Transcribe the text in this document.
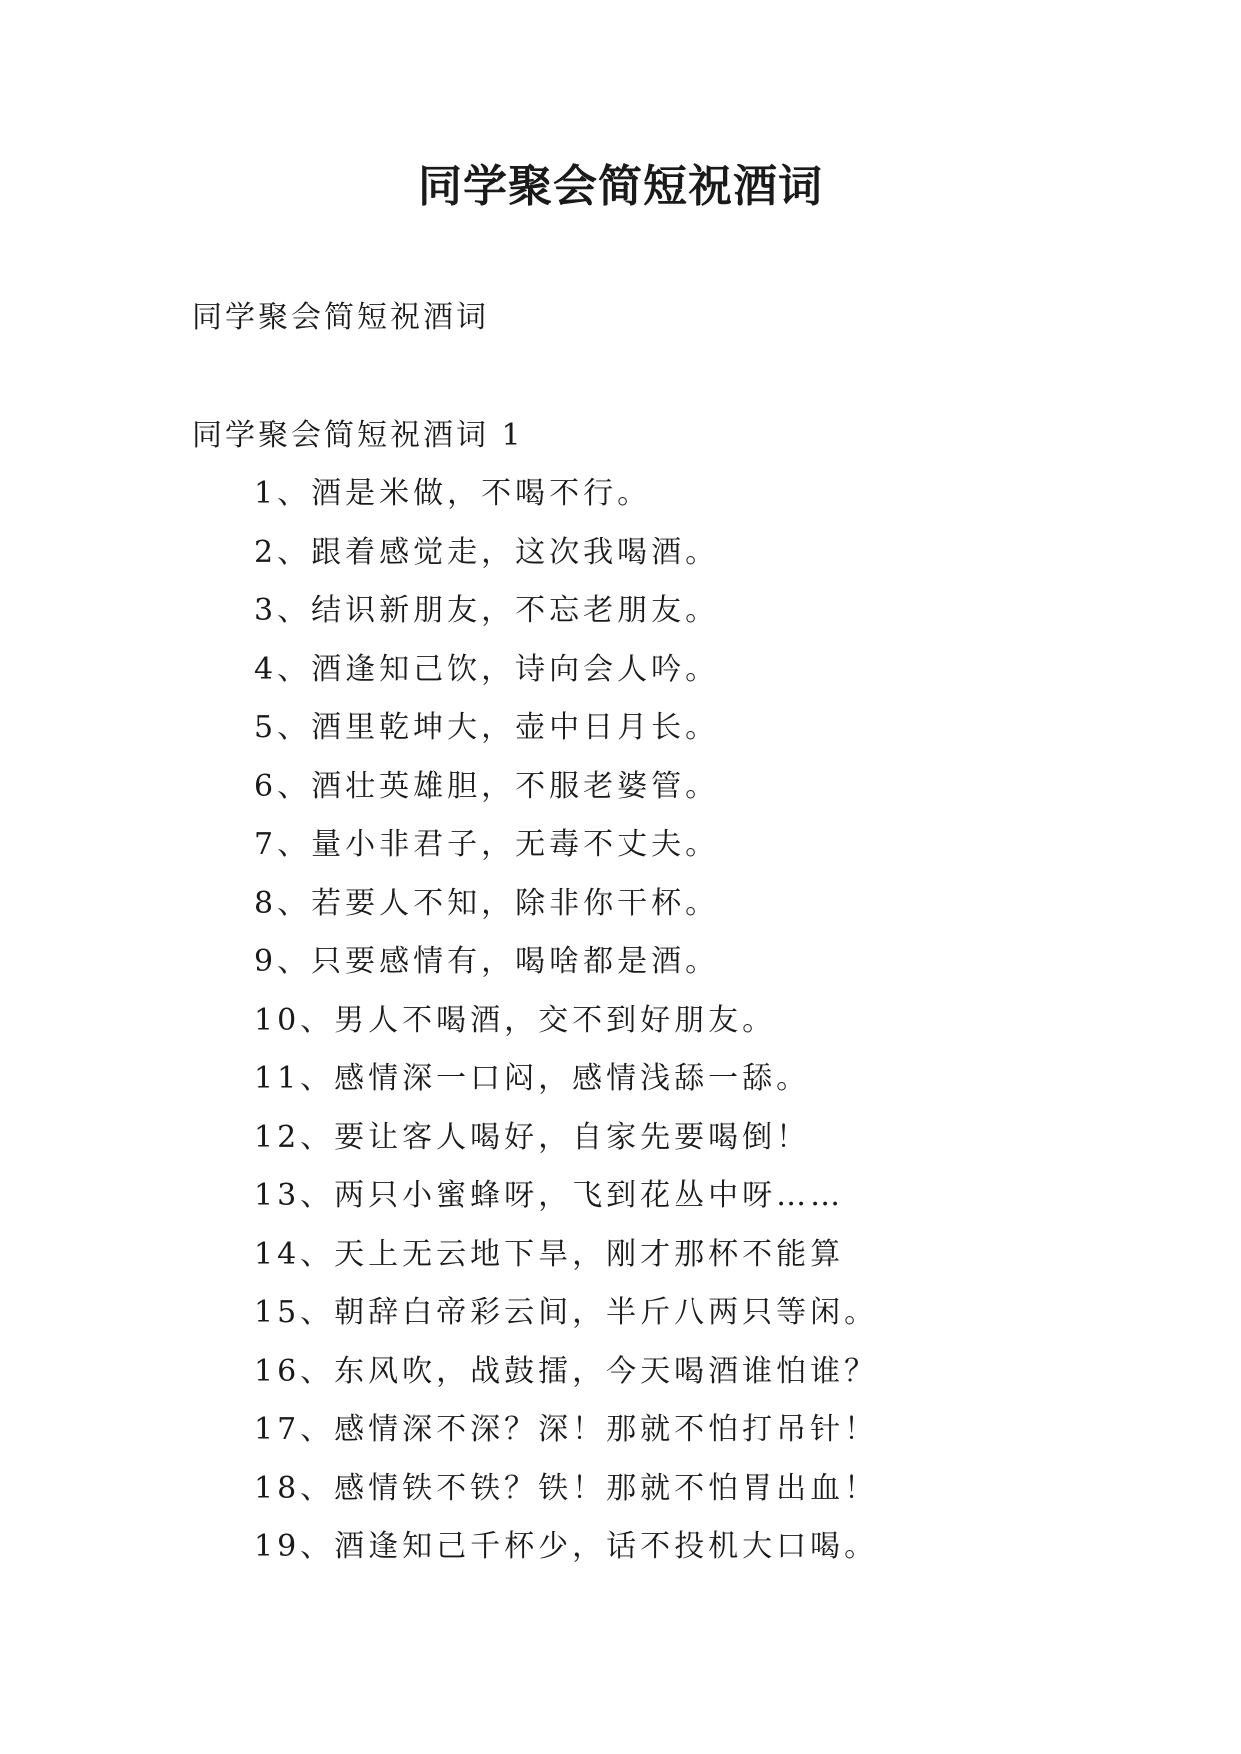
同学聚会简短祝酒词

同学聚会简短祝酒词

同学聚会简短祝酒词 1

1、酒是米做，不喝不行。
2、跟着感觉走，这次我喝酒。
3、结识新朋友，不忘老朋友。
4、酒逢知己饮，诗向会人吟。
5、酒里乾坤大，壶中日月长。
6、酒壮英雄胆，不服老婆管。
7、量小非君子，无毒不丈夫。
8、若要人不知，除非你干杯。
9、只要感情有，喝啥都是酒。
10、男人不喝酒，交不到好朋友。
11、感情深一口闷，感情浅舔一舔。
12、要让客人喝好，自家先要喝倒！
13、两只小蜜蜂呀，飞到花丛中呀……
14、天上无云地下旱，刚才那杯不能算
15、朝辞白帝彩云间，半斤八两只等闲。
16、东风吹，战鼓擂，今天喝酒谁怕谁？
17、感情深不深？深！那就不怕打吊针！
18、感情铁不铁？铁！那就不怕胃出血！
19、酒逢知己千杯少，话不投机大口喝。
